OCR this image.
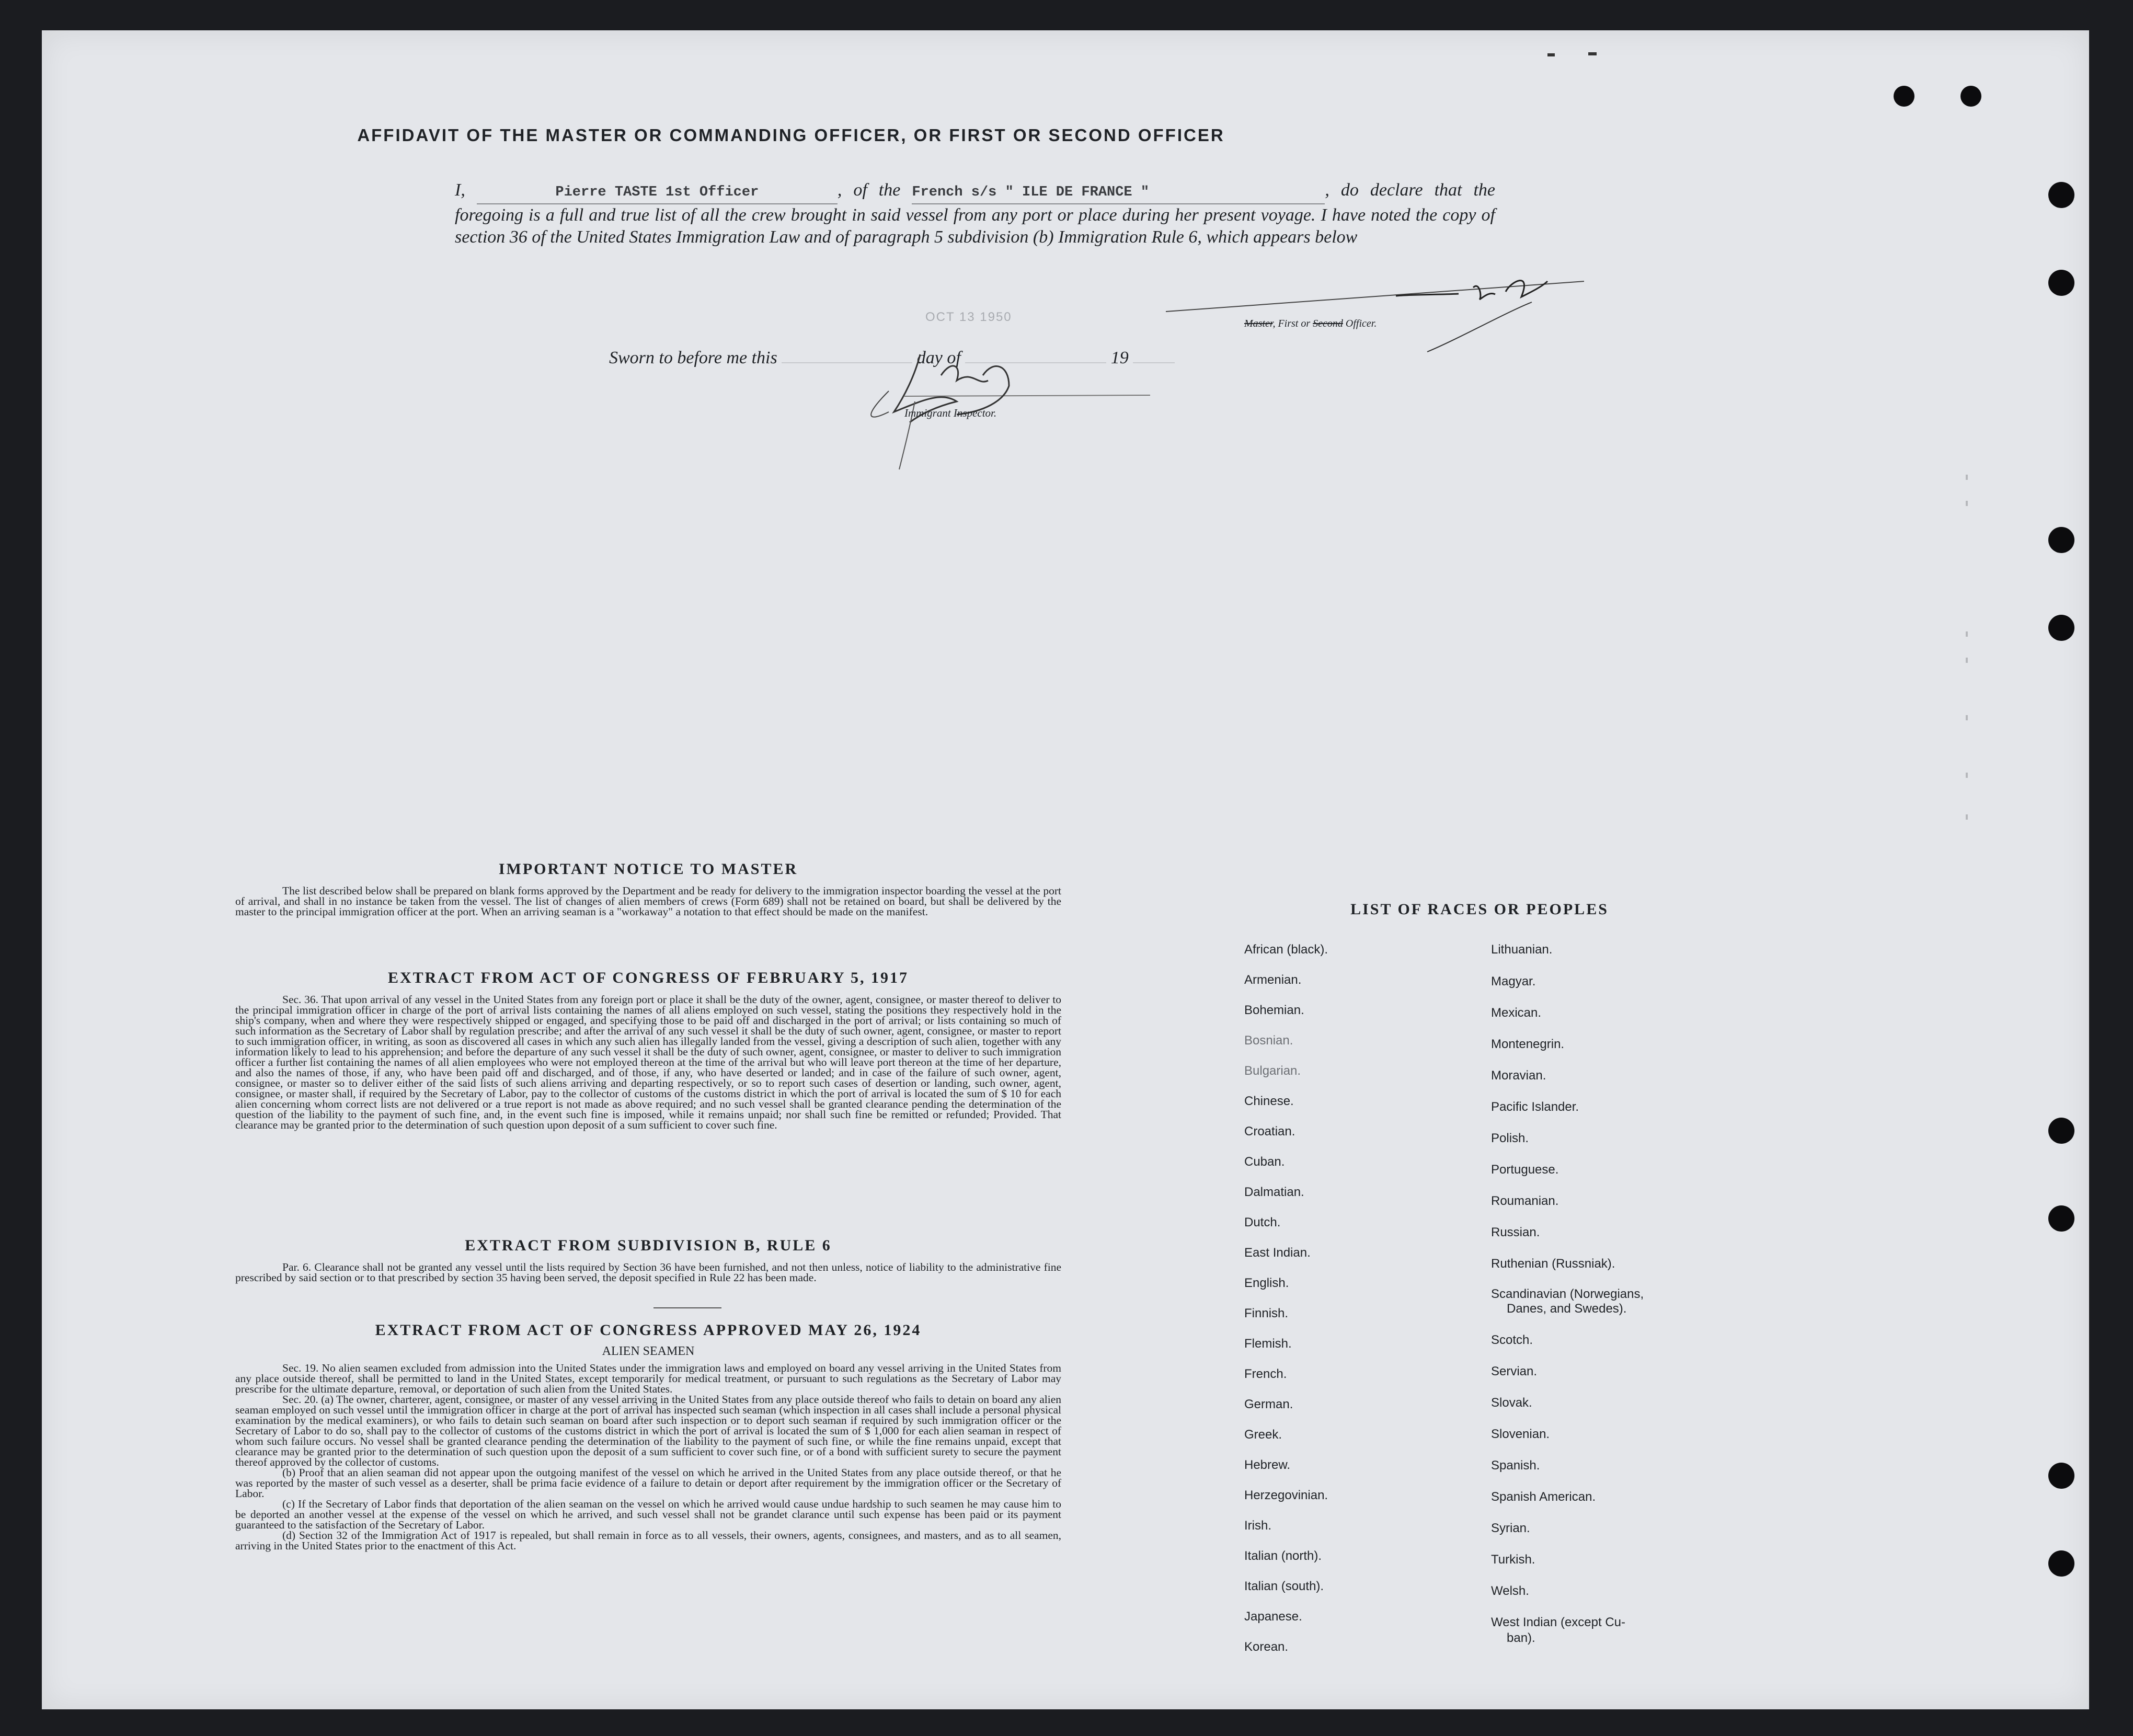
AFFIDAVIT OF THE MASTER OR COMMANDING OFFICER, OR FIRST OR SECOND OFFICER
I,	Pierre TASTE 1st Officer	, of the French s/s " ILE DE FRANCE "	, do declare that the foregoing is a full and true list of all the crew brought in said vessel from any port or place during her present voyage. I have noted the copy of section 36 of the United States Immigration Law and of paragraph 5 subdivision (b) Immigration Rule 6, which appears below
Master, First or Second Officer.
OCT 13 1950
Sworn to before me this	day of	19
Immigrant Inspector.
IMPORTANT NOTICE TO MASTER

The list described below shall be prepared on blank forms approved by the Department and be ready for delivery to the immigration inspector boarding the vessel at the port of arrival, and shall in no instance be taken from the vessel. The list of changes of alien members of crews (Form 689) shall not be retained on board, but shall be delivered by the master to the principal immigration officer at the port. When an arriving seaman is a "workaway" a notation to that effect should be made on the manifest.

EXTRACT FROM ACT OF CONGRESS OF FEBRUARY 5, 1917

Sec. 36. That upon arrival of any vessel in the United States from any foreign port or place it shall be the duty of the owner, agent, consignee, or master thereof to deliver to the principal immigration officer in charge of the port of arrival lists containing the names of all aliens employed on such vessel, stating the positions they respectively hold in the ship's company, when and where they were respectively shipped or engaged, and specifying those to be paid off and discharged in the port of arrival; or lists containing so much of such information as the Secretary of Labor shall by regulation prescribe; and after the arrival of any such vessel it shall be the duty of such owner, agent, consignee, or master to report to such immigration officer, in writing, as soon as discovered all cases in which any such alien has illegally landed from the vessel, giving a description of such alien, together with any information likely to lead to his apprehension; and before the departure of any such vessel it shall be the duty of such owner, agent, consignee, or master to deliver to such immigration officer a further list containing the names of all alien employees who were not employed thereon at the time of the arrival but who will leave port thereon at the time of her departure, and also the names of those, if any, who have been paid off and discharged, and of those, if any, who have deserted or landed; and in case of the failure of such owner, agent, consignee, or master so to deliver either of the said lists of such aliens arriving and departing respectively, or so to report such cases of desertion or landing, such owner, agent, consignee, or master shall, if required by the Secretary of Labor, pay to the collector of customs of the customs district in which the port of arrival is located the sum of $ 10 for each alien concerning whom correct lists are not delivered or a true report is not made as above required; and no such vessel shall be granted clearance pending the determination of the question of the liability to the payment of such fine, and, in the event such fine is imposed, while it remains unpaid; nor shall such fine be remitted or refunded; Provided. That clearance may be granted prior to the determination of such question upon deposit of a sum sufficient to cover such fine.

EXTRACT FROM SUBDIVISION B, RULE 6

Par. 6. Clearance shall not be granted any vessel until the lists required by Section 36 have been furnished, and not then unless, notice of liability to the administrative fine prescribed by said section or to that prescribed by section 35 having been served, the deposit specified in Rule 22 has been made.

EXTRACT FROM ACT OF CONGRESS APPROVED MAY 26, 1924
ALIEN SEAMEN

Sec. 19. No alien seamen excluded from admission into the United States under the immigration laws and employed on board any vessel arriving in the United States from any place outside thereof, shall be permitted to land in the United States, except temporarily for medical treatment, or pursuant to such regulations as the Secretary of Labor may prescribe for the ultimate departure, removal, or deportation of such alien from the United States.

Sec. 20. (a) The owner, charterer, agent, consignee, or master of any vessel arriving in the United States from any place outside thereof who fails to detain on board any alien seaman employed on such vessel until the immigration officer in charge at the port of arrival has inspected such seaman (which inspection in all cases shall include a personal physical examination by the medical examiners), or who fails to detain such seaman on board after such inspection or to deport such seaman if required by such immigration officer or the Secretary of Labor to do so, shall pay to the collector of customs of the customs district in which the port of arrival is located the sum of $ 1,000 for each alien seaman in respect of whom such failure occurs. No vessel shall be granted clearance pending the determination of the liability to the payment of such fine, or while the fine remains unpaid, except that clearance may be granted prior to the determination of such question upon the deposit of a sum sufficient to cover such fine, or of a bond with sufficient surety to secure the payment thereof approved by the collector of customs.

(b) Proof that an alien seaman did not appear upon the outgoing manifest of the vessel on which he arrived in the United States from any place outside thereof, or that he was reported by the master of such vessel as a deserter, shall be prima facie evidence of a failure to detain or deport after requirement by the immigration officer or the Secretary of Labor.

(c) If the Secretary of Labor finds that deportation of the alien seaman on the vessel on which he arrived would cause undue hardship to such seamen he may cause him to be deported an another vessel at the expense of the vessel on which he arrived, and such vessel shall not be grandet clarance until such expense has been paid or its payment guaranteed to the satisfaction of the Secretary of Labor.

(d) Section 32 of the Immigration Act of 1917 is repealed, but shall remain in force as to all vessels, their owners, agents, consignees, and masters, and as to all seamen, arriving in the United States prior to the enactment of this Act.

LIST OF RACES OR PEOPLES
African (black).
Armenian.
Bohemian.
Bosnian.
Bulgarian.
Chinese.
Croatian.
Cuban.
Dalmatian.
Dutch.
East Indian.
English.
Finnish.
Flemish.
French.
German.
Greek.
Hebrew.
Herzegovinian.
Irish.
Italian (north).
Italian (south).
Japanese.
Korean.
Lithuanian.
Magyar.
Mexican.
Montenegrin.
Moravian.
Pacific Islander.
Polish.
Portuguese.
Roumanian.
Russian.
Ruthenian (Russniak).
Scandinavian (Norwegians,
Danes, and Swedes).
Scotch.
Servian.
Slovak.
Slovenian.
Spanish.
Spanish American.
Syrian.
Turkish.
Welsh.
West Indian (except Cu-
ban).
